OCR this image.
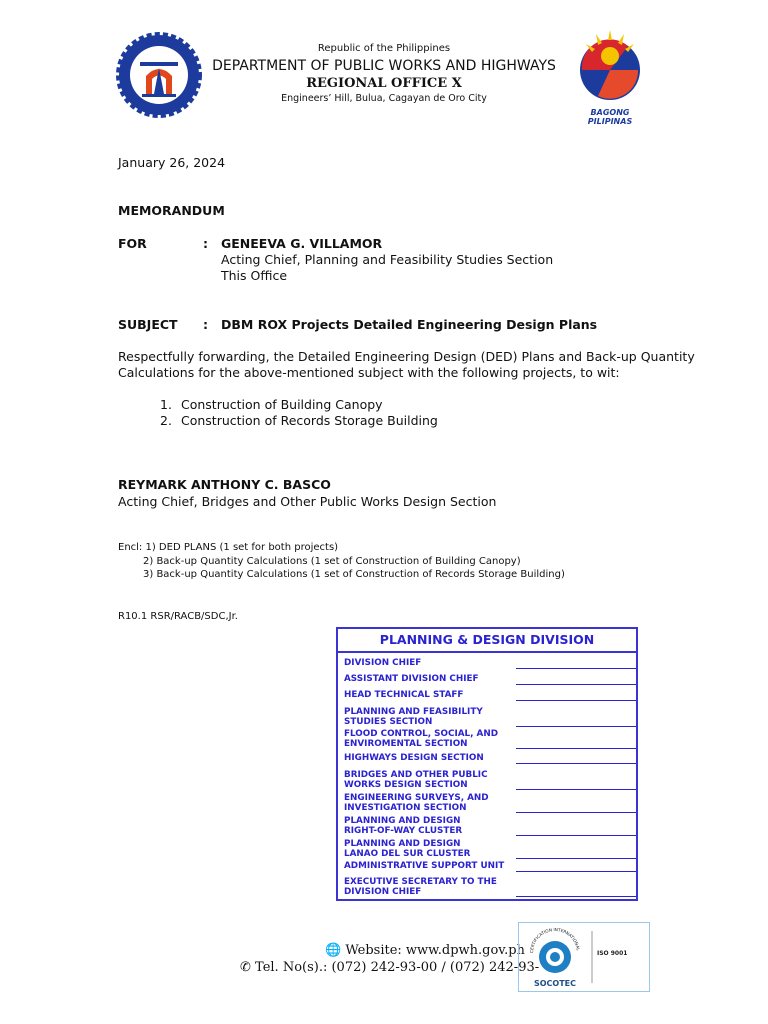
BAGONG PILIPINAS
Republic of the Philippines
DEPARTMENT OF PUBLIC WORKS AND HIGHWAYS
REGIONAL OFFICE X
Engineers’ Hill, Bulua, Cagayan de Oro City
January 26, 2024
MEMORANDUM
FOR	: GENEEVA G. VILLAMOR
Acting Chief, Planning and Feasibility Studies Section
This Office
SUBJECT : DBM ROX Projects Detailed Engineering Design Plans
Respectfully forwarding, the Detailed Engineering Design (DED) Plans and Back-up Quantity
Calculations for the above-mentioned subject with the following projects, to wit:
1. Construction of Building Canopy
2. Construction of Records Storage Building
REYMARK ANTHONY C. BASCO
Acting Chief, Bridges and Other Public Works Design Section
Encl: 1) DED PLANS (1 set for both projects)
2) Back-up Quantity Calculations (1 set of Construction of Building Canopy)
3) Back-up Quantity Calculations (1 set of Construction of Records Storage Building)
R10.1 RSR/RACB/SDC,Jr.
PLANNING & DESIGN DIVISION
DIVISION CHIEF
ASSISTANT DIVISION CHIEF
HEAD TECHNICAL STAFF
PLANNING AND FEASIBILITY
STUDIES SECTION
FLOOD CONTROL, SOCIAL, AND
ENVIROMENTAL SECTION
HIGHWAYS DESIGN SECTION
BRIDGES AND OTHER PUBLIC
WORKS DESIGN SECTION
ENGINEERING SURVEYS, AND
INVESTIGATION SECTION
PLANNING AND DESIGN
RIGHT-OF-WAY CLUSTER
PLANNING AND DESIGN
LANAO DEL SUR CLUSTER
ADMINISTRATIVE SUPPORT UNIT
EXECUTIVE SECRETARY TO THE
DIVISION CHIEF
🌐 Website: www.dpwh.gov.ph
✆ Tel. No(s).: (072) 242-93-00 / (072) 242-93-
CERTIFICATION INTERNATIONAL
SOCOTEC
ISO 9001
